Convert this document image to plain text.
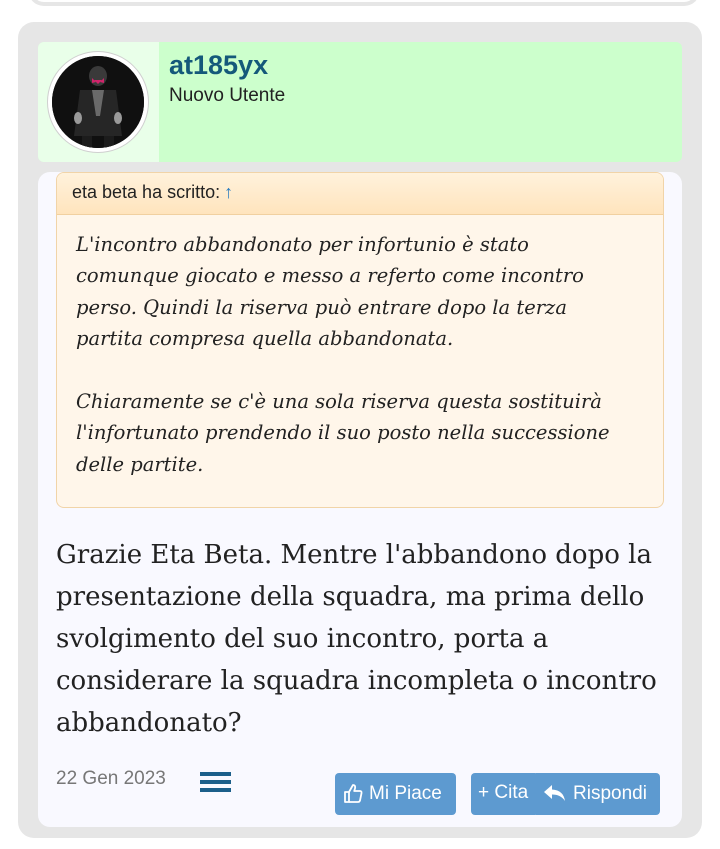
at185yx
Nuovo Utente
eta beta ha scritto: ↑
L'incontro abbandonato per infortunio è stato
comunque giocato e messo a referto come incontro
perso. Quindi la riserva può entrare dopo la terza
partita compresa quella abbandonata.

Chiaramente se c'è una sola riserva questa sostituirà
l'infortunato prendendo il suo posto nella successione
delle partite.
Grazie Eta Beta. Mentre l'abbandono dopo la presentazione della squadra, ma prima dello svolgimento del suo incontro, porta a considerare la squadra incompleta o incontro abbandonato?
22 Gen 2023
Mi Piace	+ Cita	Rispondi
